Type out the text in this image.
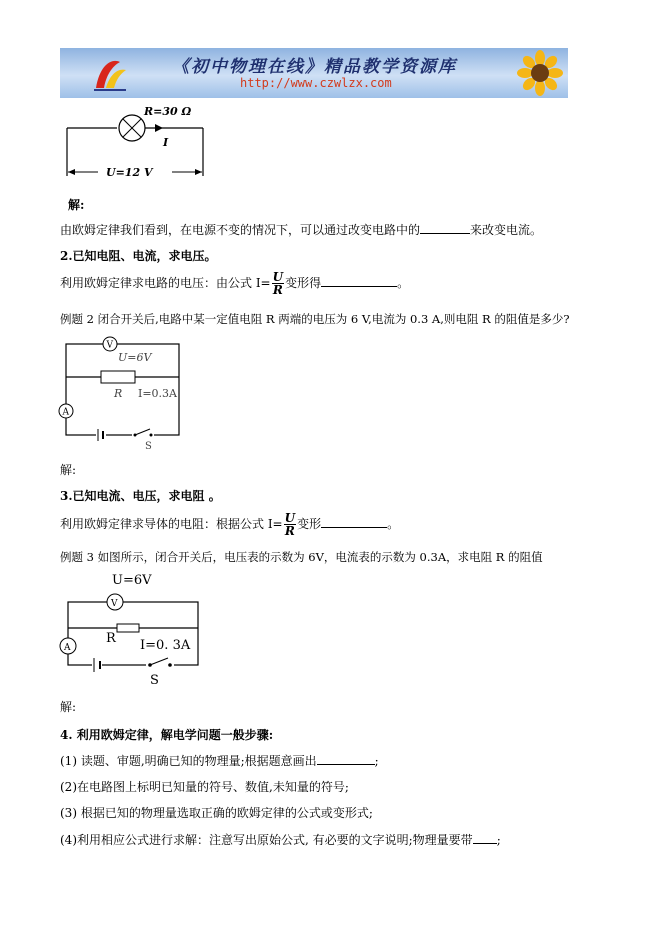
《初中物理在线》精品教学资源库
http://www.czwlzx.com
R=30 Ω
I
U=12 V
解:
由欧姆定律我们看到，在电源不变的情况下，可以通过改变电路中的	来改变电流。
2.已知电阻、电流，求电压。
利用欧姆定律求电路的电压：由公式 $I= \frac{U}{R}$ 变形得	。
例题 2 闭合开关后,电路中某一定值电阻 R 两端的电压为 6 V,电流为 0.3 A,则电阻 R 的阻值是多少?
V
U=6V
R I=0.3A
A
S
解:
3.已知电流、电压，求电阻 。
利用欧姆定律求导体的电阻：根据公式 $I= \frac{U}{R}$ 变形	。
例题 3 如图所示，闭合开关后，电压表的示数为 6V，电流表的示数为 0.3A，求电阻 R 的阻值
U=6V
V
R I=0. 3A
A
S
解:
4. 利用欧姆定律，解电学问题一般步骤:
(1) 读题、审题,明确已知的物理量;根据题意画出	;
(2)在电路图上标明已知量的符号、数值,未知量的符号;
(3) 根据已知的物理量选取正确的欧姆定律的公式或变形式;
(4)利用相应公式进行求解：注意写出原始公式, 有必要的文字说明;物理量要带 ;
